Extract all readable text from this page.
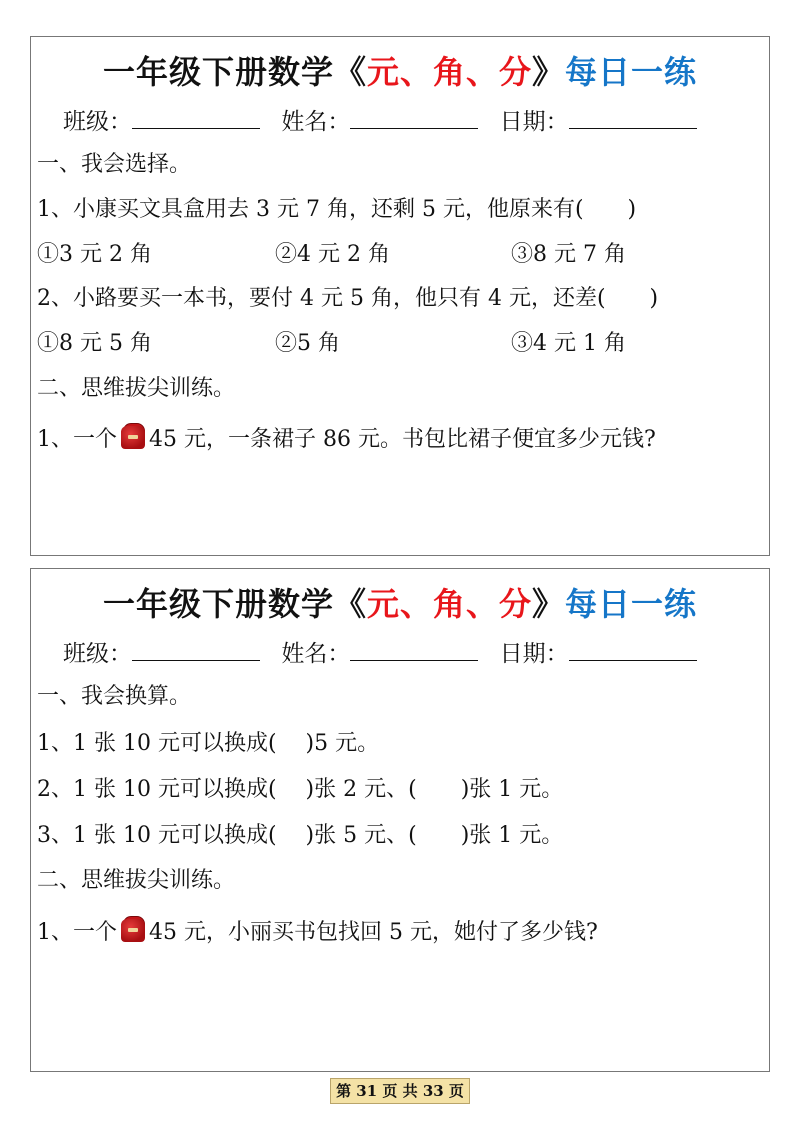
一年级下册数学《元、角、分》每日一练
班级：	姓名：	日期：
一、我会选择。
1、小康买文具盒用去 3 元 7 角，还剩 5 元，他原来有(　　)
①3 元 2 角	②4 元 2 角	③8 元 7 角
2、小路要买一本书，要付 4 元 5 角，他只有 4 元，还差(　　)
①8 元 5 角	②5 角	③4 元 1 角
二、思维拔尖训练。
1、一个 45 元，一条裙子 86 元。书包比裙子便宜多少元钱?
一年级下册数学《元、角、分》每日一练
班级：	姓名：	日期：
一、我会换算。
1、1 张 10 元可以换成(　 )5 元。
2、1 张 10 元可以换成(　 )张 2 元、(　　)张 1 元。
3、1 张 10 元可以换成(　 )张 5 元、(　　)张 1 元。
二、思维拔尖训练。
1、一个 45 元，小丽买书包找回 5 元，她付了多少钱?
第 31 页 共 33 页
